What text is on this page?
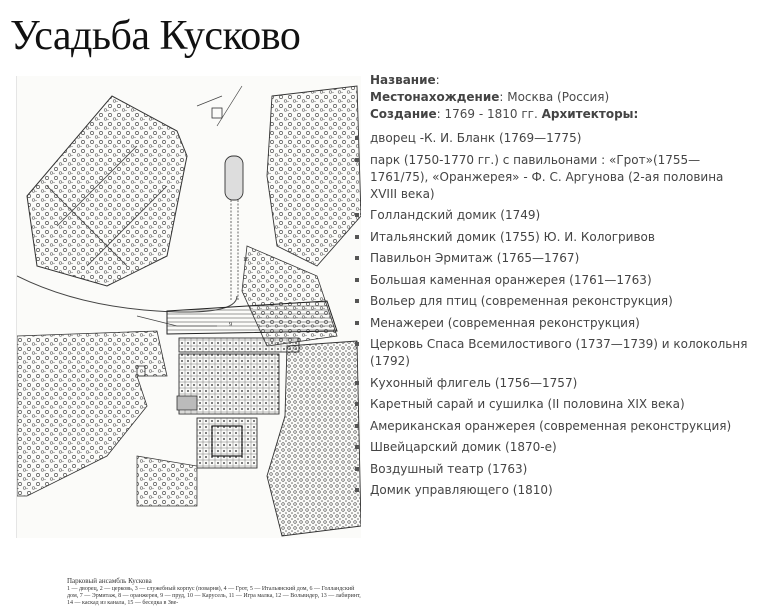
Усадьба Кусково
15
9
Парковый ансамбль Кускова
1 — дворец, 2 — церковь, 3 — служебный корпус (поварня), 4 — Грот, 5 — Итальянский дом, 6 — Голландский дом, 7 — Эрмитаж, 8 — оранжерея, 9 — пруд, 10 — Карусель, 11 — Игра малка, 12 — Вольвидер, 13 — лабиринт, 14 — каскад из канала, 15 — беседка в Зве-
Название:
Местонахождение: Москва (Россия)
Создание: 1769 - 1810 гг. Архитекторы:
дворец -К. И. Бланк (1769—1775)
парк (1750-1770 гг.) с павильонами : «Грот»(1755—1761/75), «Оранжерея» - Ф. С. Аргунова (2-ая половина XVIII века)
Голландский домик (1749)
Итальянский домик (1755) Ю. И. Кологривов
Павильон Эрмитаж (1765—1767)
Большая каменная оранжерея (1761—1763)
Вольер для птиц (современная реконструкция)
Менажереи (современная реконструкция)
Церковь Спаса Всемилостивого (1737—1739) и колокольня (1792)
Кухонный флигель (1756—1757)
Каретный сарай и сушилка (II половина XIX века)
Американская оранжерея (современная реконструкция)
Швейцарский домик (1870-е)
Воздушный театр (1763)
Домик управляющего (1810)
